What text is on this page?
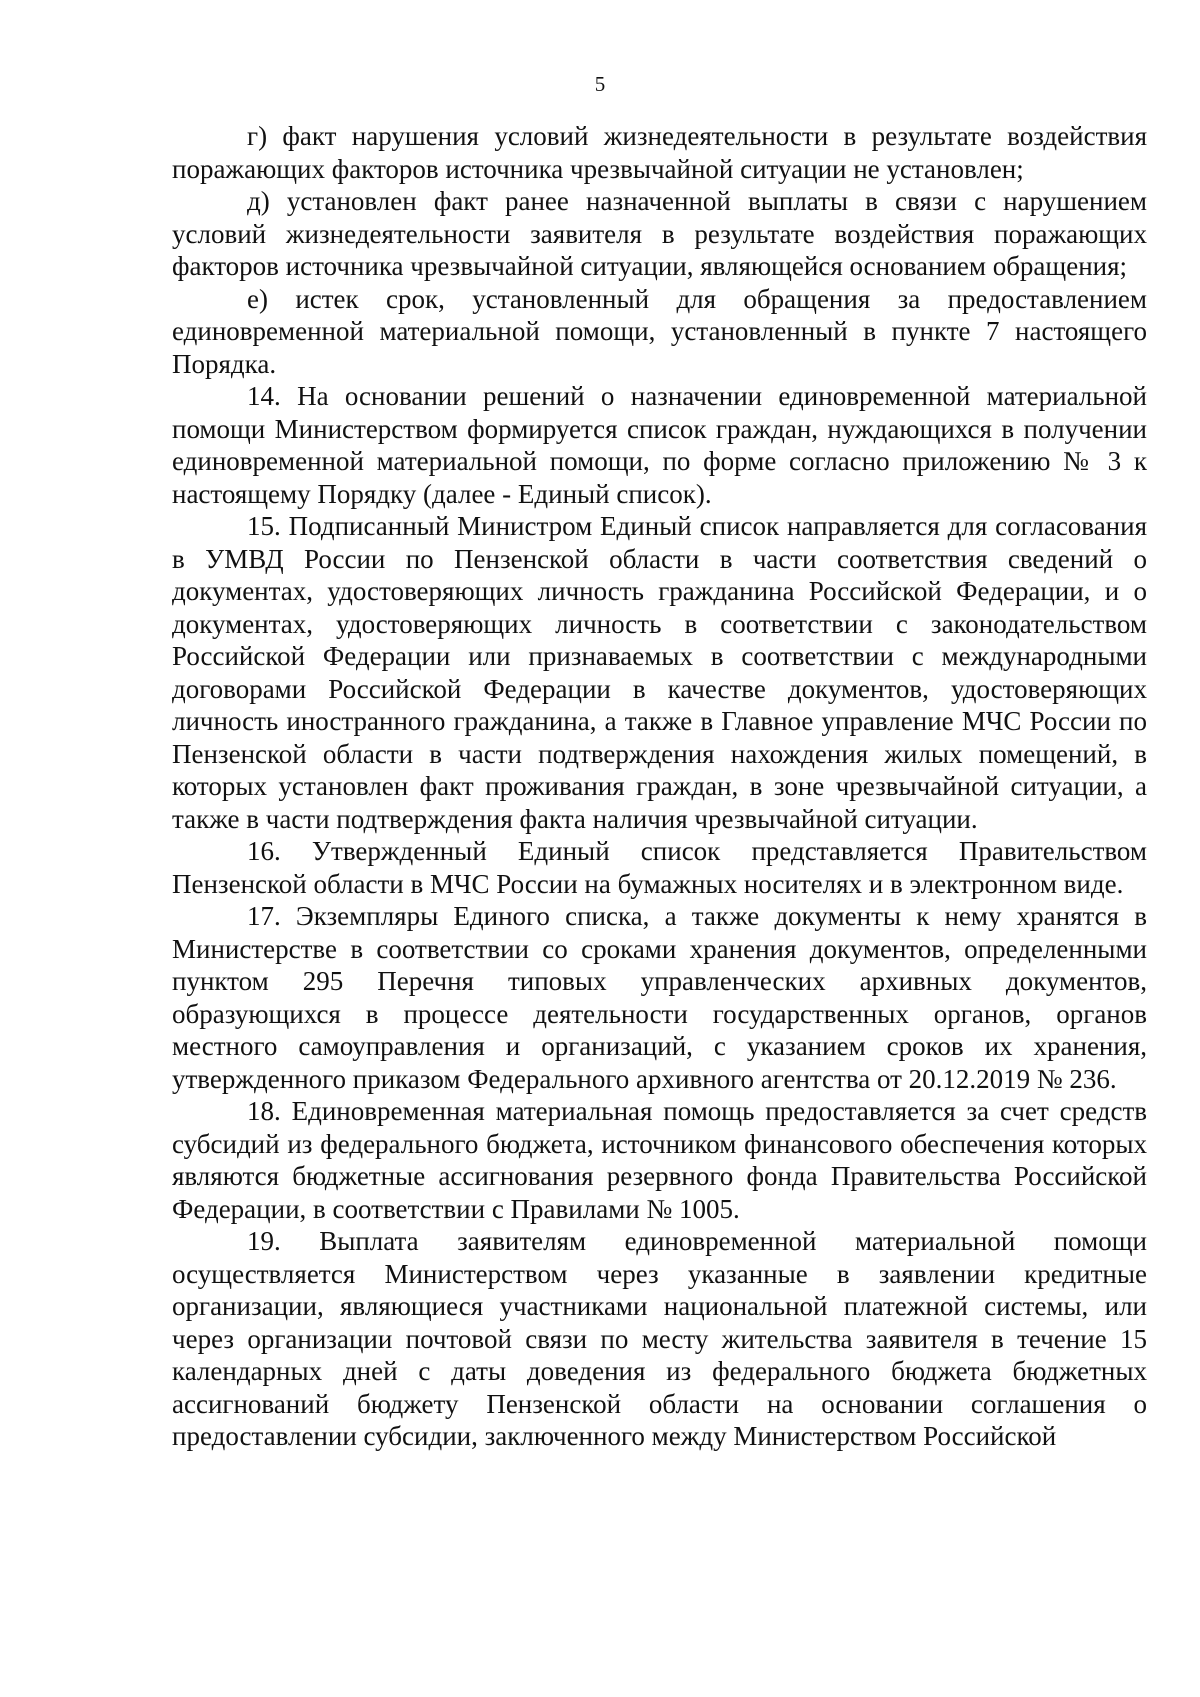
5

г) факт нарушения условий жизнедеятельности в результате воздействия поражающих факторов источника чрезвычайной ситуации не установлен;

д) установлен факт ранее назначенной выплаты в связи с нарушением условий жизнедеятельности заявителя в результате воздействия поражающих факторов источника чрезвычайной ситуации, являющейся основанием обращения;

е) истек срок, установленный для обращения за предоставлением единовременной материальной помощи, установленный в пункте 7 настоящего Порядка.

14. На основании решений о назначении единовременной материальной помощи Министерством формируется список граждан, нуждающихся в получении единовременной материальной помощи, по форме согласно приложению № 3 к настоящему Порядку (далее - Единый список).

15. Подписанный Министром Единый список направляется для согласования в УМВД России по Пензенской области в части соответствия сведений о документах, удостоверяющих личность гражданина Российской Федерации, и о документах, удостоверяющих личность в соответствии с законодательством Российской Федерации или признаваемых в соответствии с международными договорами Российской Федерации в качестве документов, удостоверяющих личность иностранного гражданина, а также в Главное управление МЧС России по Пензенской области в части подтверждения нахождения жилых помещений, в которых установлен факт проживания граждан, в зоне чрезвычайной ситуации, а также в части подтверждения факта наличия чрезвычайной ситуации.

16. Утвержденный Единый список представляется Правительством Пензенской области в МЧС России на бумажных носителях и в электронном виде.

17. Экземпляры Единого списка, а также документы к нему хранятся в Министерстве в соответствии со сроками хранения документов, определенными пунктом 295 Перечня типовых управленческих архивных документов, образующихся в процессе деятельности государственных органов, органов местного самоуправления и организаций, с указанием сроков их хранения, утвержденного приказом Федерального архивного агентства от 20.12.2019 № 236.

18. Единовременная материальная помощь предоставляется за счет средств субсидий из федерального бюджета, источником финансового обеспечения которых являются бюджетные ассигнования резервного фонда Правительства Российской Федерации, в соответствии с Правилами № 1005.

19. Выплата заявителям единовременной материальной помощи осуществляется Министерством через указанные в заявлении кредитные организации, являющиеся участниками национальной платежной системы, или через организации почтовой связи по месту жительства заявителя в течение 15 календарных дней с даты доведения из федерального бюджета бюджетных ассигнований бюджету Пензенской области на основании соглашения о предоставлении субсидии, заключенного между Министерством Российской
